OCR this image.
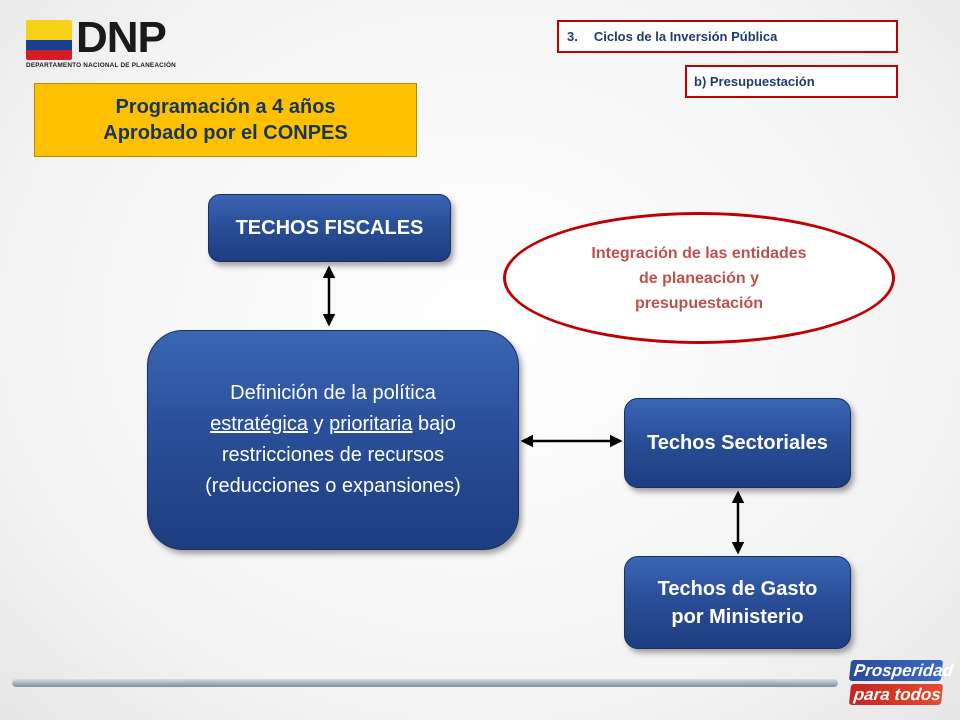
DNP
DEPARTAMENTO NACIONAL DE PLANEACIÓN
3. Ciclos de la Inversión Pública
b) Presupuestación
Programación a 4 años
Aprobado por el CONPES
TECHOS FISCALES
Definición de la política
estratégica y prioritaria bajo
restricciones de recursos
(reducciones o expansiones)
Techos Sectoriales
Techos de Gasto
por Ministerio
Integración de las entidades
de planeación y
presupuestación
Prosperidad
para todos
